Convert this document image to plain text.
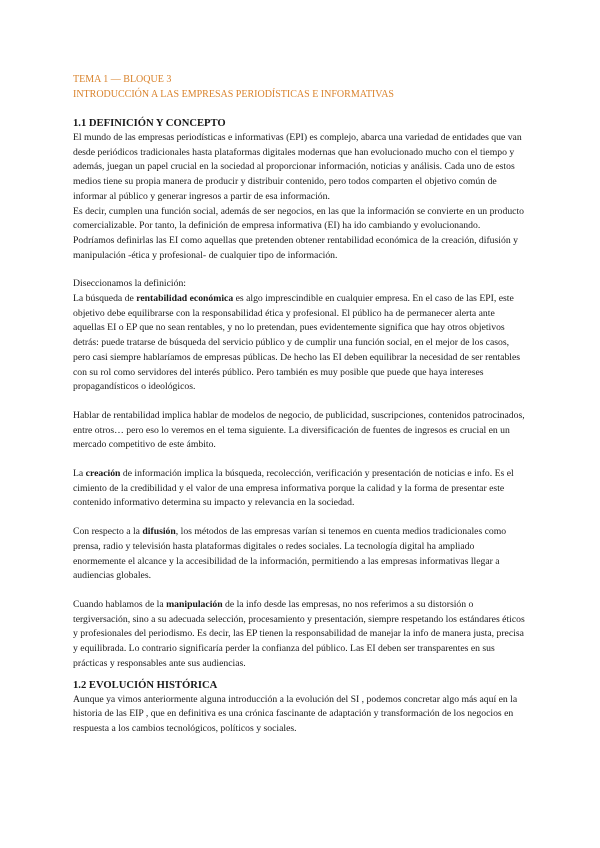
TEMA 1 — BLOQUE 3

INTRODUCCIÓN A LAS EMPRESAS PERIODÍSTICAS E INFORMATIVAS

1.1 DEFINICIÓN Y CONCEPTO

El mundo de las empresas periodísticas e informativas (EPI) es complejo, abarca una variedad de entidades que van desde periódicos tradicionales hasta plataformas digitales modernas que han evolucionado mucho con el tiempo y además, juegan un papel crucial en la sociedad al proporcionar información, noticias y análisis. Cada uno de estos medios tiene su propia manera de producir y distribuir contenido, pero todos comparten el objetivo común de informar al público y generar ingresos a partir de esa información.

Es decir, cumplen una función social, además de ser negocios, en las que la información se convierte en un producto comercializable. Por tanto, la definición de empresa informativa (EI) ha ido cambiando y evolucionando.

Podríamos definirlas las EI como aquellas que pretenden obtener rentabilidad económica de la creación, difusión y manipulación -ética y profesional- de cualquier tipo de información.

Diseccionamos la definición:

La búsqueda de rentabilidad económica es algo imprescindible en cualquier empresa. En el caso de las EPI, este objetivo debe equilibrarse con la responsabilidad ética y profesional. El público ha de permanecer alerta ante aquellas EI o EP que no sean rentables, y no lo pretendan, pues evidentemente significa que hay otros objetivos detrás: puede tratarse de búsqueda del servicio público y de cumplir una función social, en el mejor de los casos, pero casi siempre hablaríamos de empresas públicas. De hecho las EI deben equilibrar la necesidad de ser rentables con su rol como servidores del interés público. Pero también es muy posible que puede que haya intereses propagandísticos o ideológicos.

Hablar de rentabilidad implica hablar de modelos de negocio, de publicidad, suscripciones, contenidos patrocinados, entre otros… pero eso lo veremos en el tema siguiente. La diversificación de fuentes de ingresos es crucial en un mercado competitivo de este ámbito.

La creación de información implica la búsqueda, recolección, verificación y presentación de noticias e info. Es el cimiento de la credibilidad y el valor de una empresa informativa porque la calidad y la forma de presentar este contenido informativo determina su impacto y relevancia en la sociedad.

Con respecto a la difusión, los métodos de las empresas varían si tenemos en cuenta medios tradicionales como prensa, radio y televisión hasta plataformas digitales o redes sociales. La tecnología digital ha ampliado enormemente el alcance y la accesibilidad de la información, permitiendo a las empresas informativas llegar a audiencias globales.

Cuando hablamos de la manipulación de la info desde las empresas, no nos referimos a su distorsión o tergiversación, sino a su adecuada selección, procesamiento y presentación, siempre respetando los estándares éticos y profesionales del periodismo. Es decir, las EP tienen la responsabilidad de manejar la info de manera justa, precisa y equilibrada. Lo contrario significaría perder la confianza del público. Las EI deben ser transparentes en sus prácticas y responsables ante sus audiencias.

1.2 EVOLUCIÓN HISTÓRICA

Aunque ya vimos anteriormente alguna introducción a la evolución del SI , podemos concretar algo más aquí en la historia de las EIP , que en definitiva es una crónica fascinante de adaptación y transformación de los negocios en respuesta a los cambios tecnológicos, políticos y sociales.
